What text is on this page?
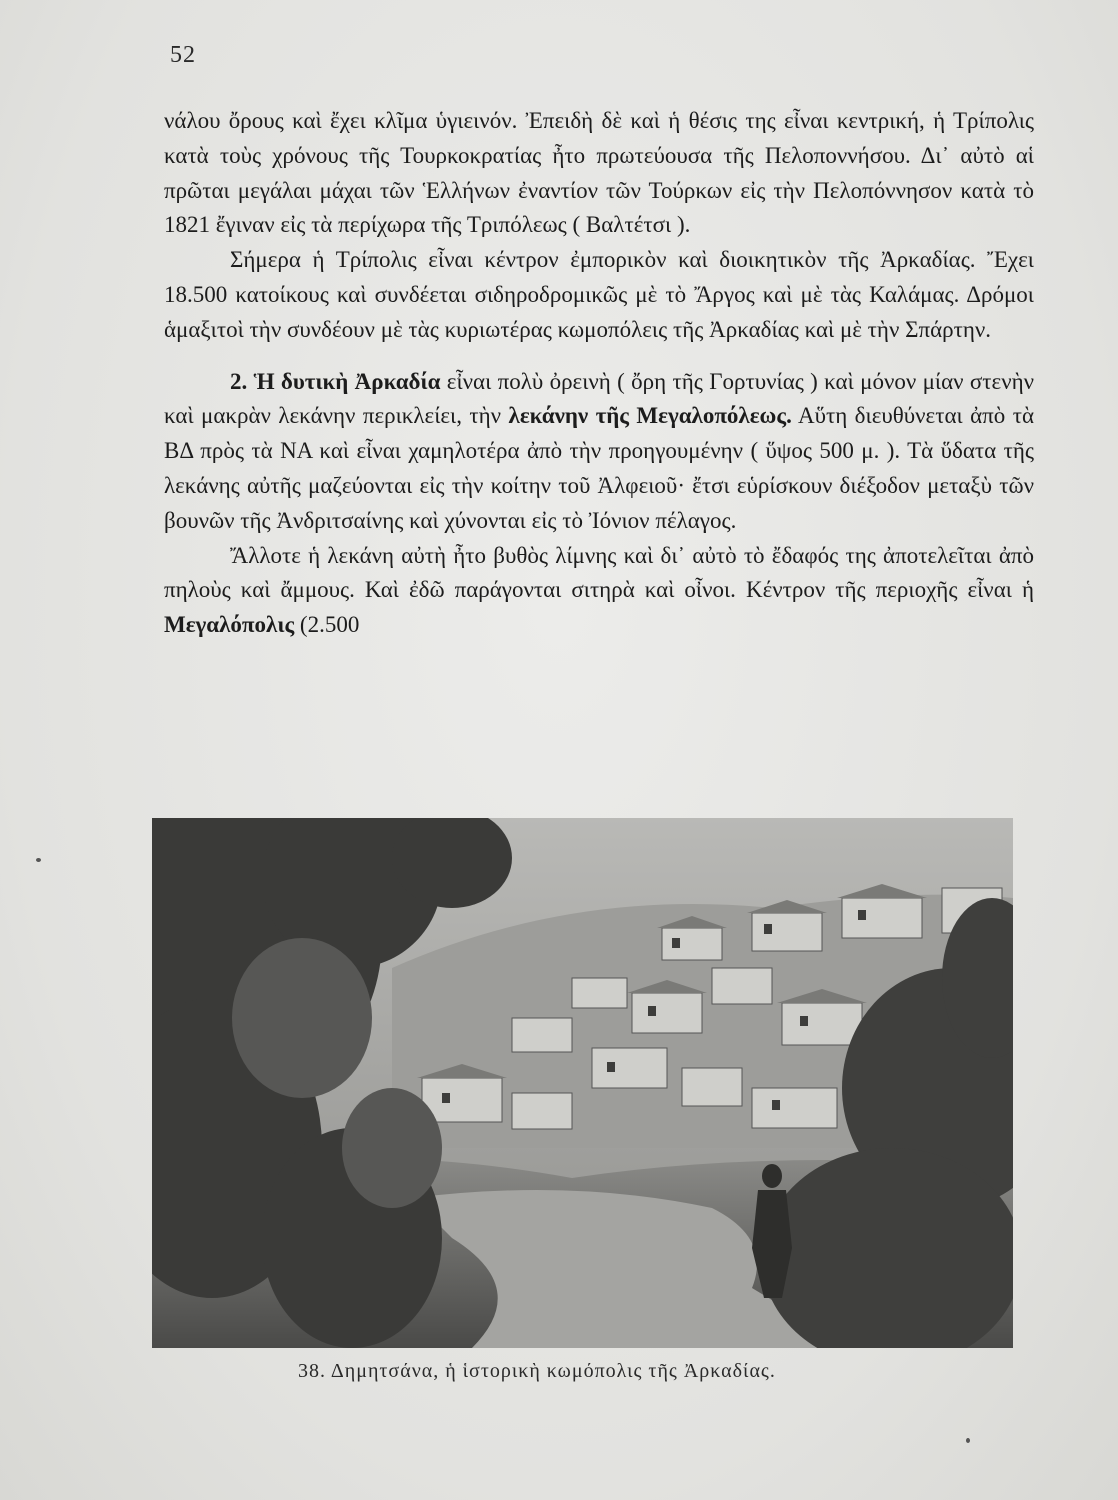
52

νάλου ὄρους καὶ ἔχει κλῖμα ὑγιεινόν. Ἐπειδὴ δὲ καὶ ἡ θέσις της εἶναι κεντρική, ἡ Τρίπολις κατὰ τοὺς χρόνους τῆς Τουρκοκρατίας ἦτο πρωτεύουσα τῆς Πελοποννήσου. Δι᾿ αὐτὸ αἱ πρῶται μεγάλαι μάχαι τῶν Ἑλλήνων ἐναντίον τῶν Τούρκων εἰς τὴν Πελοπόννησον κατὰ τὸ 1821 ἔγιναν εἰς τὰ περίχωρα τῆς Τριπόλεως ( Βαλτέτσι ).

Σήμερα ἡ Τρίπολις εἶναι κέντρον ἐμπορικὸν καὶ διοικητικὸν τῆς Ἀρκαδίας. Ἔχει 18.500 κατοίκους καὶ συνδέεται σιδηροδρομικῶς μὲ τὸ Ἄργος καὶ μὲ τὰς Καλάμας. Δρόμοι ἁμαξιτοὶ τὴν συνδέουν μὲ τὰς κυριωτέρας κωμοπόλεις τῆς Ἀρκαδίας καὶ μὲ τὴν Σπάρτην.

2. Ἡ δυτικὴ Ἀρκαδία εἶναι πολὺ ὀρεινὴ ( ὄρη τῆς Γορτυνίας ) καὶ μόνον μίαν στενὴν καὶ μακρὰν λεκάνην περικλείει, τὴν λεκάνην τῆς Μεγαλοπόλεως. Αὕτη διευθύνεται ἀπὸ τὰ ΒΔ πρὸς τὰ ΝΑ καὶ εἶναι χαμηλοτέρα ἀπὸ τὴν προηγουμένην ( ὕψος 500 μ. ). Τὰ ὕδατα τῆς λεκάνης αὐτῆς μαζεύονται εἰς τὴν κοίτην τοῦ Ἀλφειοῦ· ἔτσι εὑρίσκουν διέξοδον μεταξὺ τῶν βουνῶν τῆς Ἀνδριτσαίνης καὶ χύνονται εἰς τὸ Ἰόνιον πέλαγος.

Ἄλλοτε ἡ λεκάνη αὐτὴ ἦτο βυθὸς λίμνης καὶ δι᾿ αὐτὸ τὸ ἔδαφός της ἀποτελεῖται ἀπὸ πηλοὺς καὶ ἄμμους. Καὶ ἐδῶ παράγονται σιτηρὰ καὶ οἶνοι. Κέντρον τῆς περιοχῆς εἶναι ἡ Μεγαλόπολις (2.500

38. Δημητσάνα, ἡ ἱστορικὴ κωμόπολις τῆς Ἀρκαδίας.
